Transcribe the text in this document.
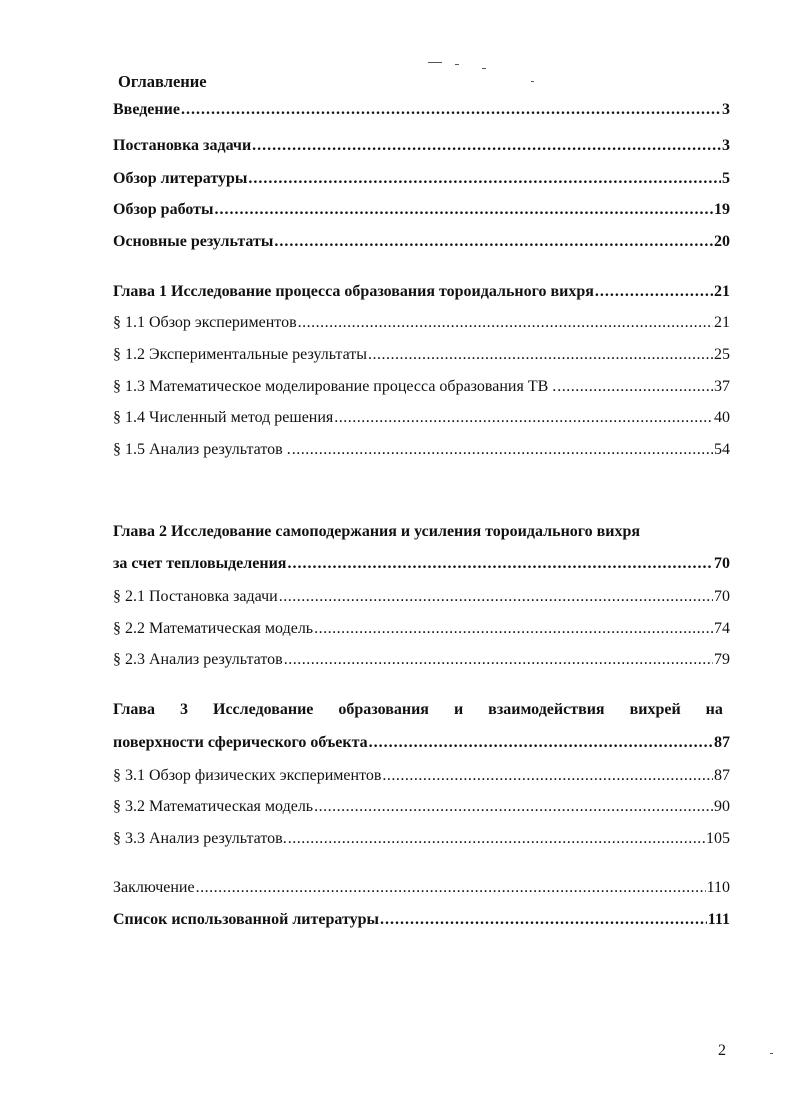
Оглавление
Введение .....	3
Постановка задачи .....	3
Обзор литературы .....	5
Обзор работы .....	19
Основные результаты .....	20
Глава 1 Исследование процесса образования тороидального вихря .....	21
§ 1.1 Обзор экспериментов .....	21
§ 1.2 Экспериментальные результаты .....	25
§ 1.3 Математическое моделирование процесса образования ТВ . .....	37
§ 1.4 Численный метод решения .....	40
§ 1.5 Анализ результатов . .....	54
Глава 2 Исследование самоподержания и усиления тороидального вихря
за счет тепловыделения .....	70
§ 2.1 Постановка задачи .....	70
§ 2.2 Математическая модель .....	74
§ 2.3 Анализ результатов .....	79
Глава 3 Исследование образования и взаимодействия вихрей на
поверхности сферического объекта .....	87
§ 3.1 Обзор физических экспериментов .....	87
§ 3.2 Математическая модель .....	90
§ 3.3 Анализ результатов. .....	105
Заключение .....	110
Список использованной литературы .....	111
2
